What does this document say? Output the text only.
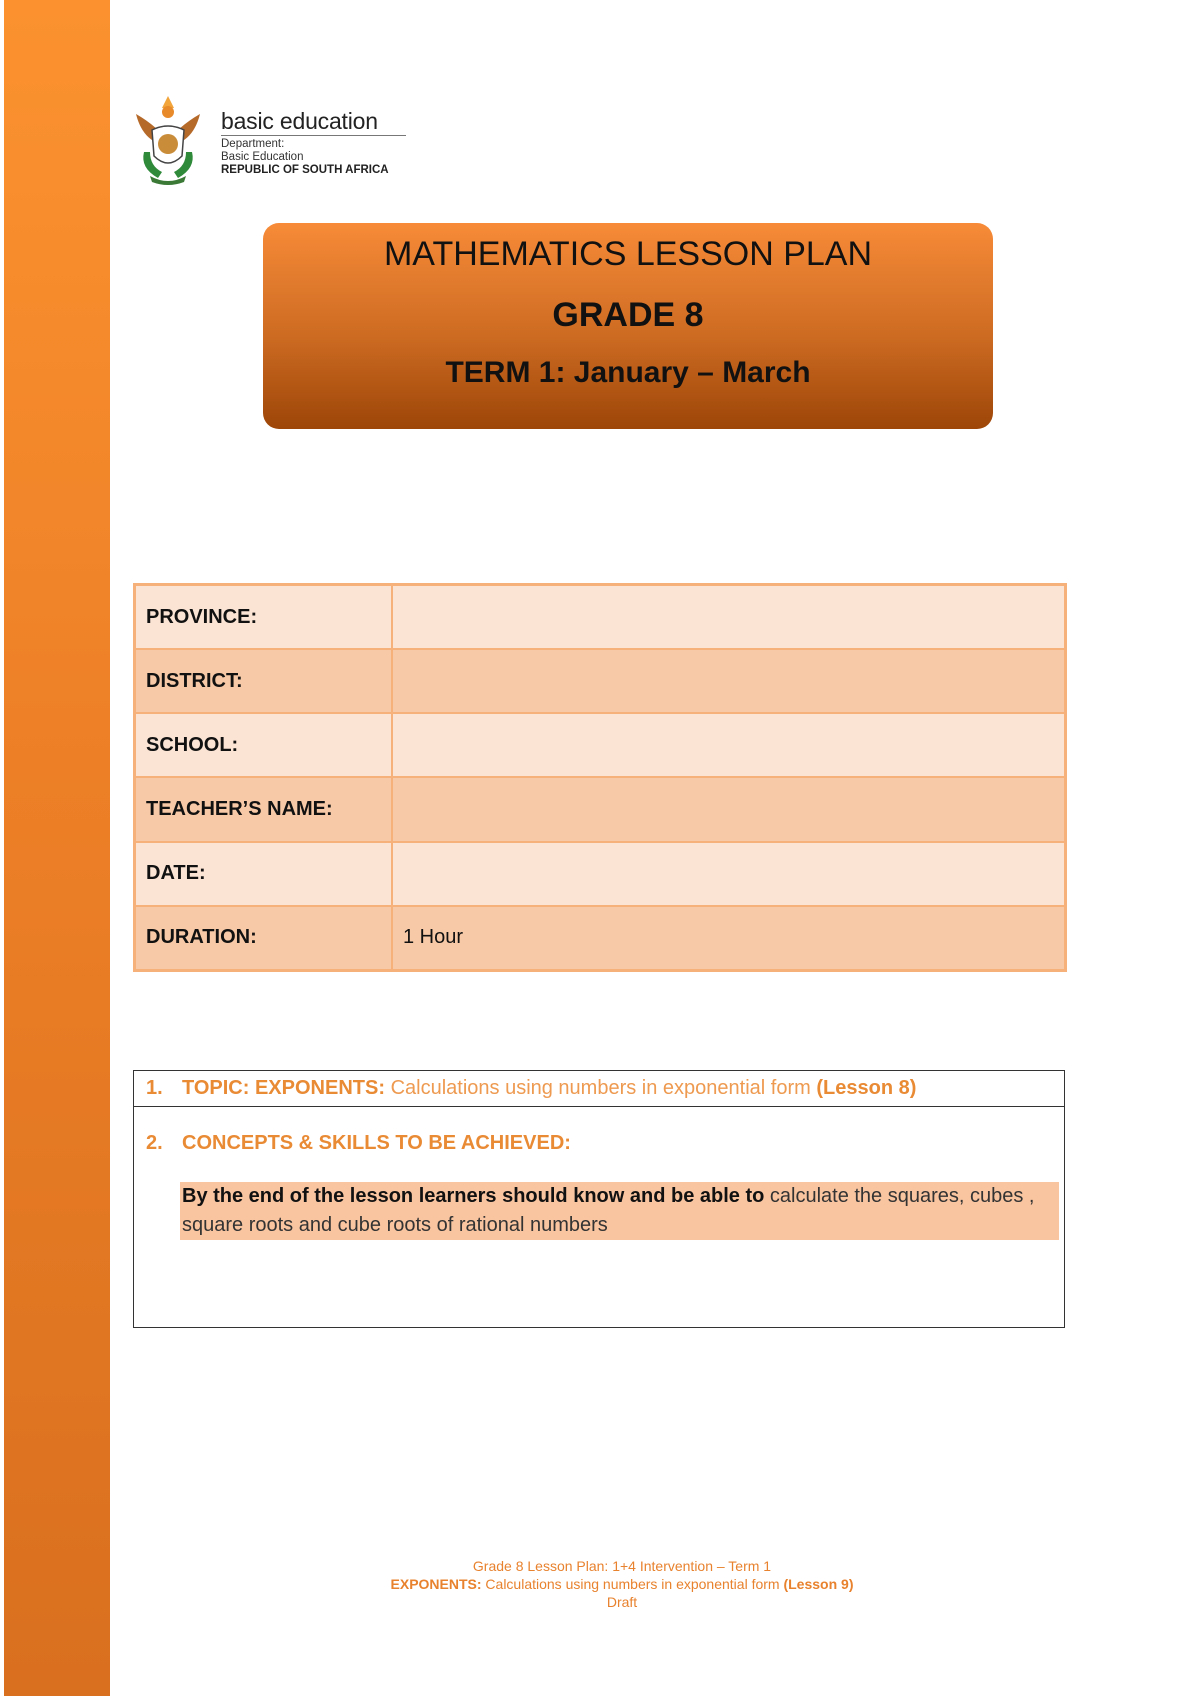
basic education
Department:
Basic Education
REPUBLIC OF SOUTH AFRICA
MATHEMATICS LESSON PLAN
GRADE 8
TERM 1: January – March
PROVINCE:	
DISTRICT:	
SCHOOL:	
TEACHER’S NAME:	
DATE:	
DURATION:	1 Hour
1. TOPIC: EXPONENTS: Calculations using numbers in exponential form (Lesson 8)
2. CONCEPTS & SKILLS TO BE ACHIEVED:
By the end of the lesson learners should know and be able to calculate the squares, cubes , square roots and cube roots of rational numbers
Grade 8 Lesson Plan: 1+4 Intervention – Term 1
EXPONENTS: Calculations using numbers in exponential form (Lesson 9)
Draft
